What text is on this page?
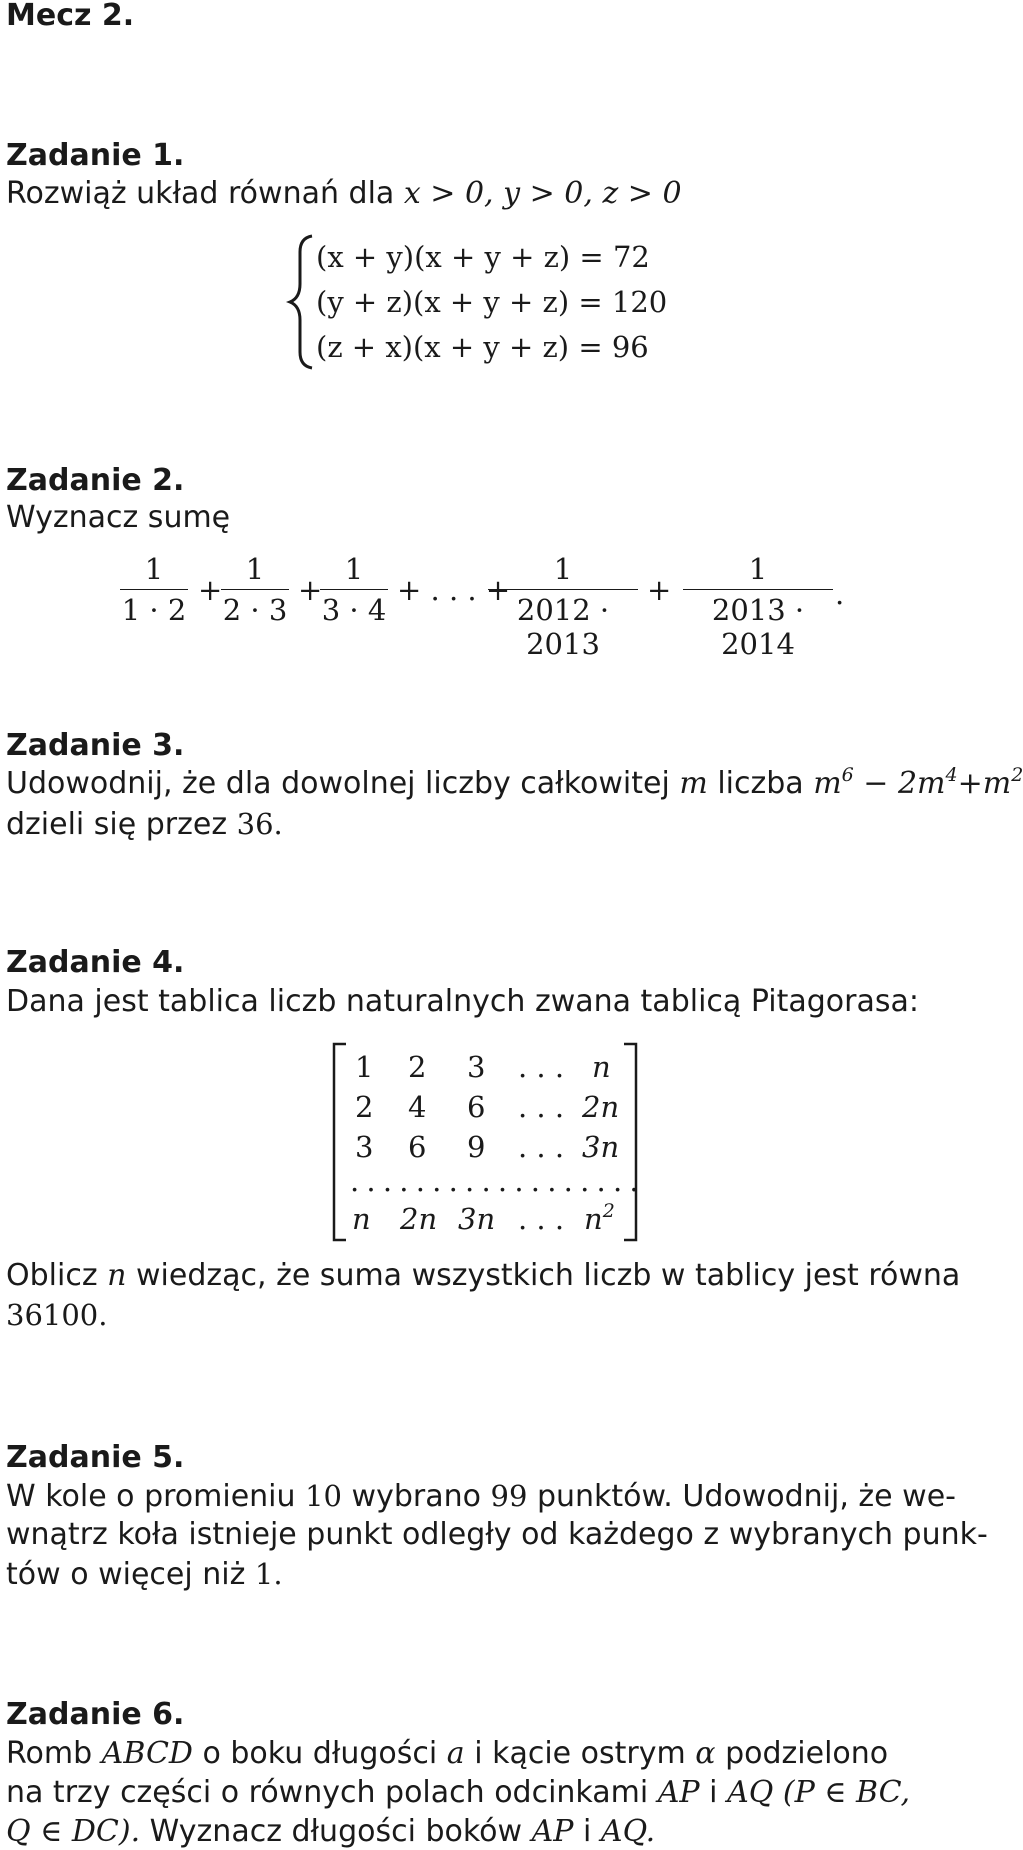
Mecz 2.
Zadanie 1.
Rozwiąż układ równań dla x > 0, y > 0, z > 0
(x + y)(x + y + z) = 72
(y + z)(x + y + z) = 120
(z + x)(x + y + z) = 96
Zadanie 2.
Wyznacz sumę
1
1 · 2
+
1
2 · 3
+
1
3 · 4
+ . . . +
1
2012 · 2013
+
1
2013 · 2014
.
Zadanie 3.
Udowodnij, że dla dowolnej liczby całkowitej m liczba $m^6 - 2m^4+m^2$
dzieli się przez 36.
Zadanie 4.
Dana jest tablica liczb naturalnych zwana tablicą Pitagorasa:
1 2 3 . . . n
2 4 6 . . . 2n
3 6 9 . . . 3n
. . . . . . . . . . . . . . . . . .
n 2n 3n . . . $n^2$
Oblicz n wiedząc, że suma wszystkich liczb w tablicy jest równa
36100.
Zadanie 5.
W kole o promieniu 10 wybrano 99 punktów. Udowodnij, że we-
wnątrz koła istnieje punkt odległy od każdego z wybranych punk-
tów o więcej niż 1.
Zadanie 6.
Romb ABCD o boku długości a i kącie ostrym α podzielono
na trzy części o równych polach odcinkami AP i AQ (P ∈ BC,
Q ∈ DC). Wyznacz długości boków AP i AQ.
